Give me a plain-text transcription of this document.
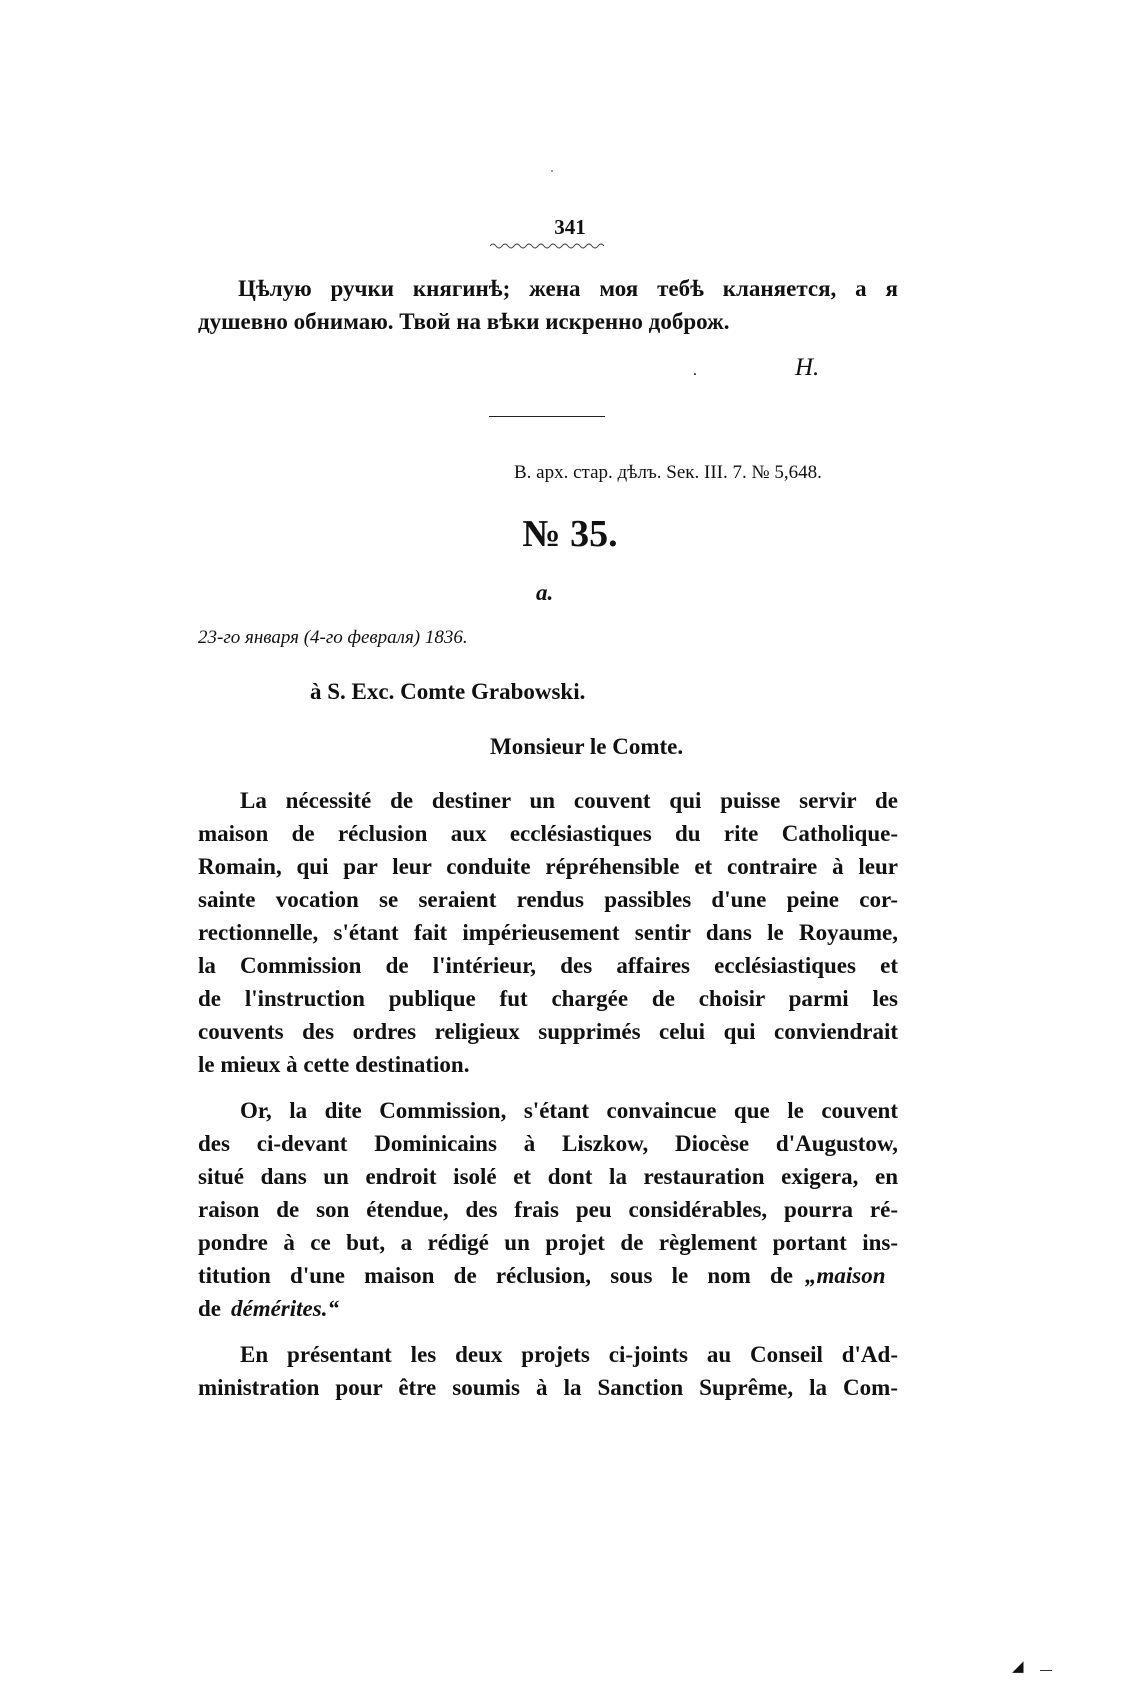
341
Цѣлую ручки княгинѣ; жена моя тебѣ кланяется, а я
душевно обнимаю. Твой на вѣки искренно доброж.
.	Н.
В. арх. стар. дѣлъ. Sек. III. 7. № 5,648.
№ 35.
a.
23-го января (4-го февраля) 1836.
à S. Exc. Comte Grabowski.
Monsieur le Comte.
La nécessité de destiner un couvent qui puisse servir de
maison de réclusion aux ecclésiastiques du rite Catholique-
Romain, qui par leur conduite répréhensible et contraire à leur
sainte vocation se seraient rendus passibles d'une peine cor-
rectionnelle, s'étant fait impérieusement sentir dans le Royaume,
la Commission de l'intérieur, des affaires ecclésiastiques et
de l'instruction publique fut chargée de choisir parmi les
couvents des ordres religieux supprimés celui qui conviendrait
le mieux à cette destination.
Or, la dite Commission, s'étant convaincue que le couvent
des ci-devant Dominicains à Liszkow, Diocèse d'Augustow,
situé dans un endroit isolé et dont la restauration exigera, en
raison de son étendue, des frais peu considérables, pourra ré-
pondre à ce but, a rédigé un projet de règlement portant ins-
titution d'une maison de réclusion, sous le nom de „maison
de démérites.“
En présentant les deux projets ci-joints au Conseil d'Ad-
ministration pour être soumis à la Sanction Suprême, la Com-
◢
